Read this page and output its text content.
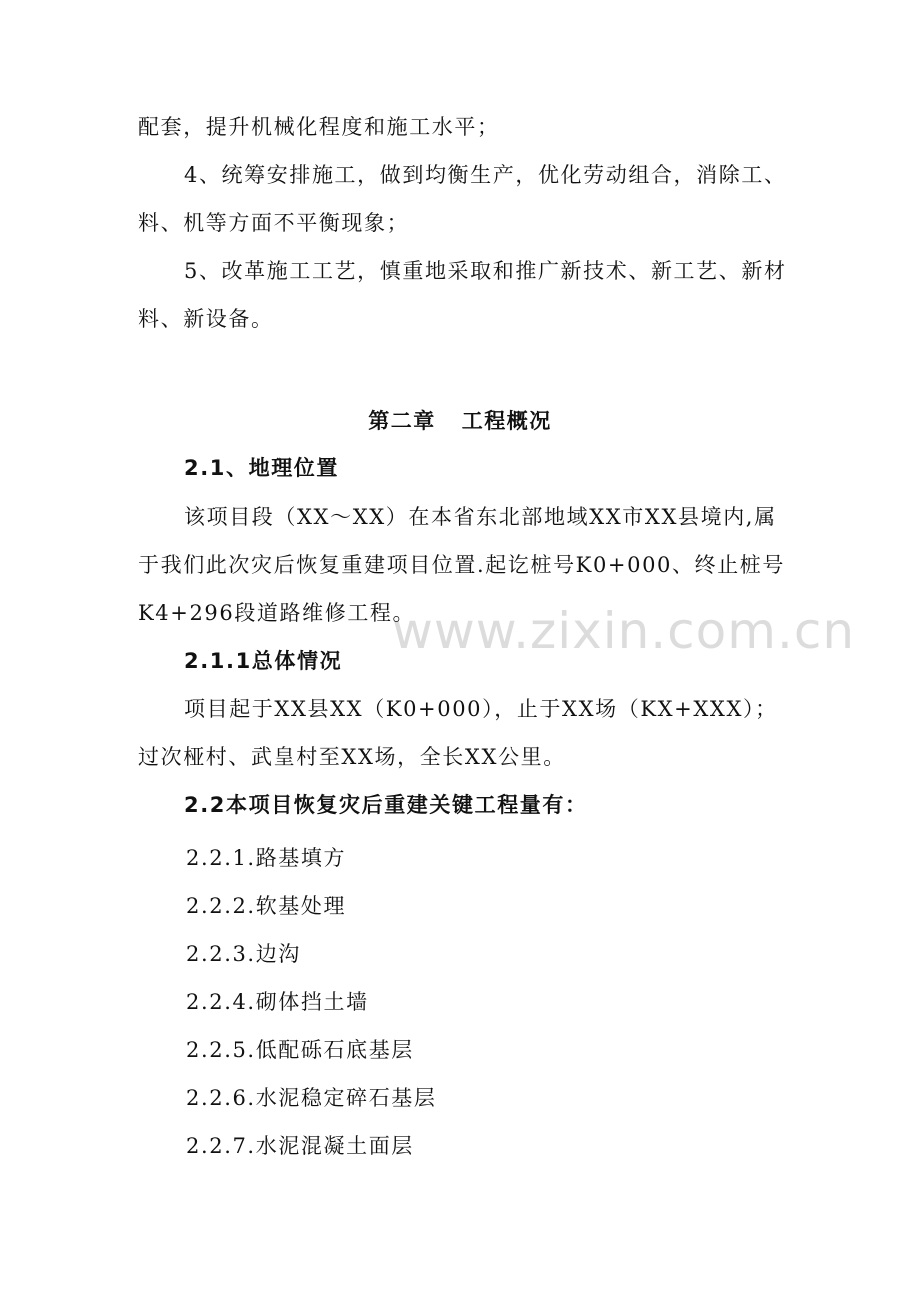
www.zixin.com.cn

配套，提升机械化程度和施工水平；

4、统筹安排施工，做到均衡生产，优化劳动组合，消除工、料、机等方面不平衡现象；

5、改革施工工艺，慎重地采取和推广新技术、新工艺、新材料、新设备。

第二章 工程概况

2.1、地理位置

该项目段（XX～XX）在本省东北部地域XX市XX县境内,属于我们此次灾后恢复重建项目位置.起讫桩号K0+000、终止桩号K4+296段道路维修工程。

2.1.1总体情况

项目起于XX县XX（K0+000），止于XX场（KX+XXX）；过次桠村、武皇村至XX场，全长XX公里。

2.2本项目恢复灾后重建关键工程量有：

2.2.1.路基填方

2.2.2.软基处理

2.2.3.边沟

2.2.4.砌体挡土墙

2.2.5.低配砾石底基层

2.2.6.水泥稳定碎石基层

2.2.7.水泥混凝土面层
